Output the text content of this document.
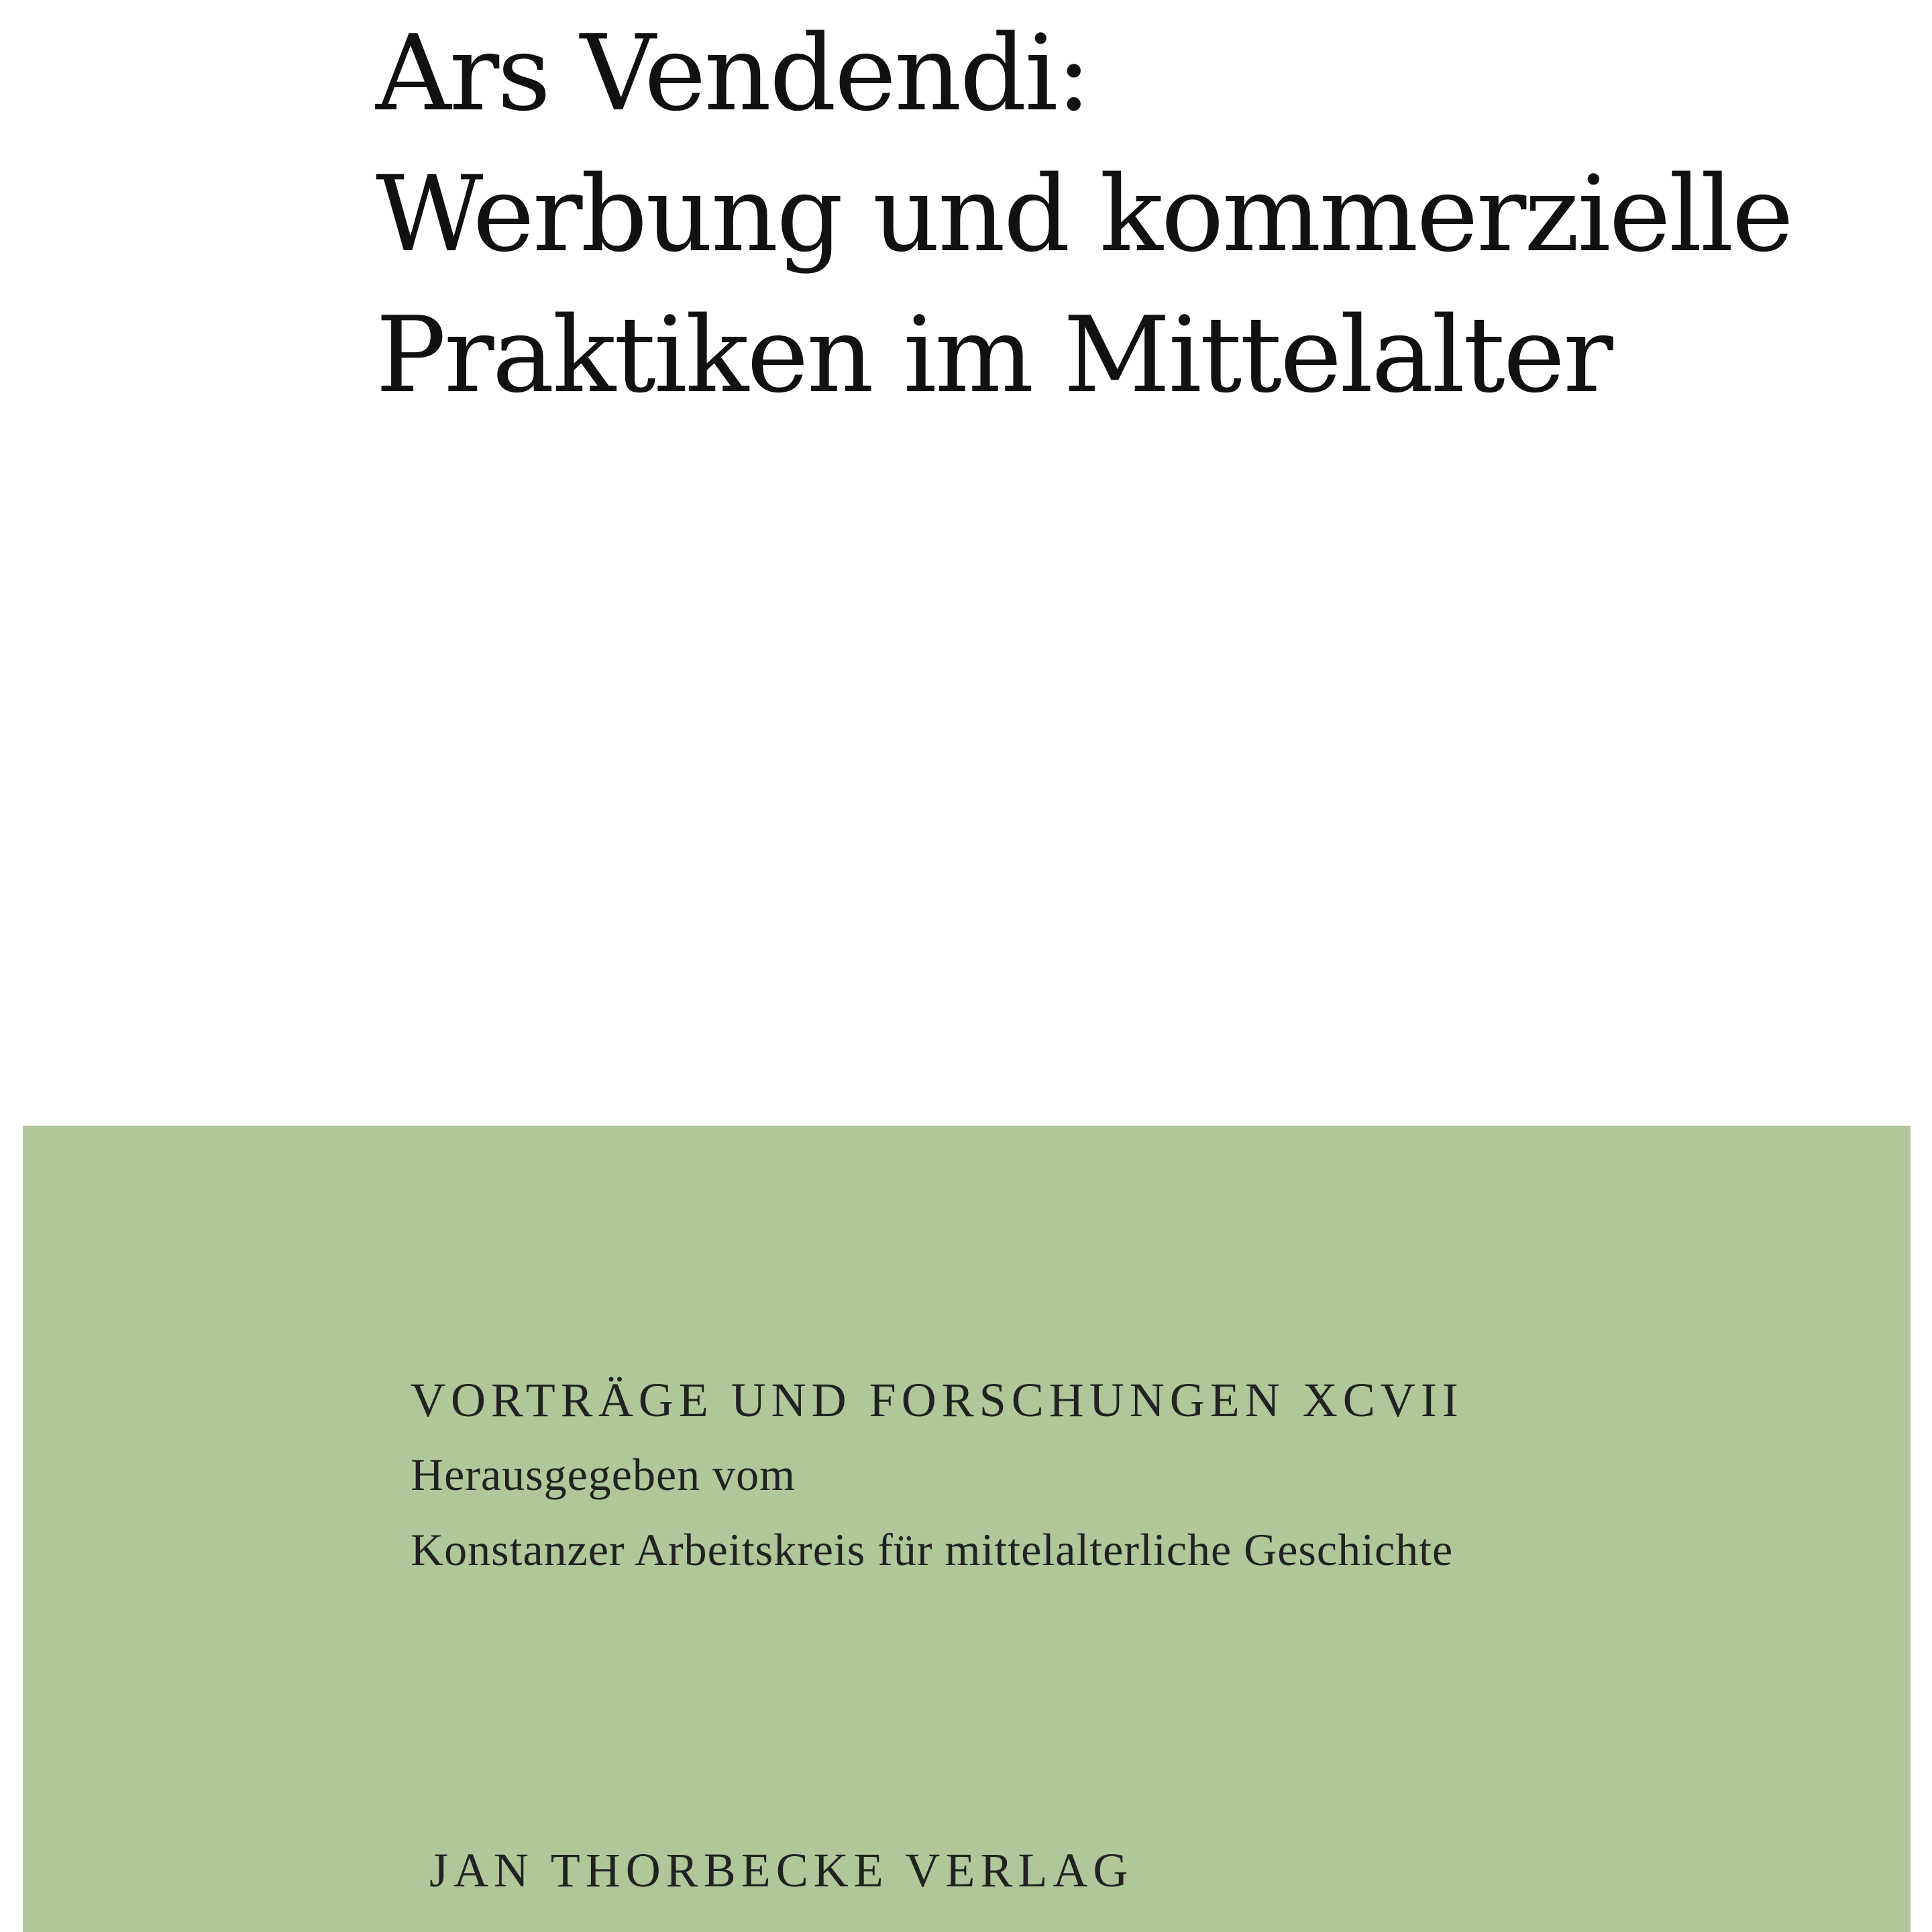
Ars Vendendi:
Werbung und kommerzielle
Praktiken im Mittelalter
VORTRÄGE UND FORSCHUNGEN XCVII
Herausgegeben vom
Konstanzer Arbeitskreis für mittelalterliche Geschichte
JAN THORBECKE VERLAG
